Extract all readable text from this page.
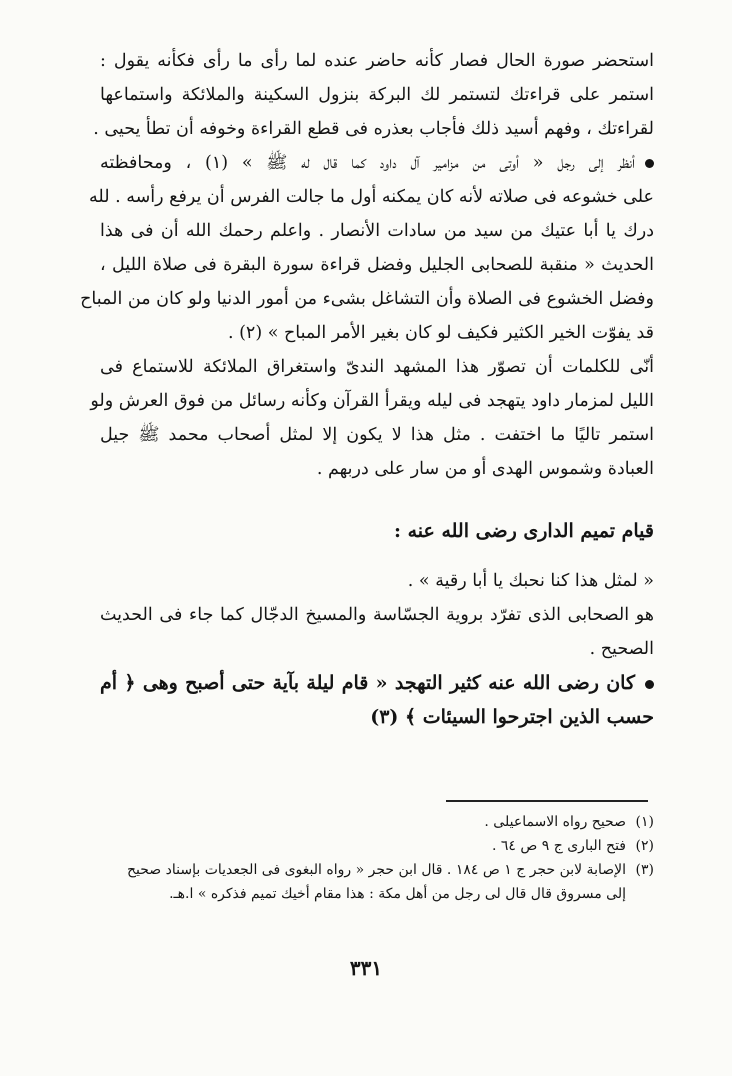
استحضر صورة الحال فصار كأنه حاضر عنده لما رأى ما رأى فكأنه يقول :
استمر على قراءتك لتستمر لك البركة بنزول السكينة والملائكة واستماعها
لقراءتك ، وفهم أسيد ذلك فأجاب بعذره فى قطع القراءة وخوفه أن تطأ يحيى .
أنظر إلى رجل « أوتى من مزامير آل داود كما قال له ﷺ » (١) ، ومحافظته
على خشوعه فى صلاته لأنه كان يمكنه أول ما جالت الفرس أن يرفع رأسه . لله
درك يا أبا عتيك من سيد من سادات الأنصار . واعلم رحمك الله أن فى هذا
الحديث « منقبة للصحابى الجليل وفضل قراءة سورة البقرة فى صلاة الليل ،
وفضل الخشوع فى الصلاة وأن التشاغل بشىء من أمور الدنيا ولو كان من المباح
قد يفوّت الخير الكثير فكيف لو كان بغير الأمر المباح » (٢) .
أنّى للكلمات أن تصوّر هذا المشهد الندىّ واستغراق الملائكة للاستماع فى
الليل لمزمار داود يتهجد فى ليله ويقرأ القرآن وكأنه رسائل من فوق العرش ولو
استمر تاليًا ما اختفت . مثل هذا لا يكون إلا لمثل أصحاب محمد ﷺ جيل
العبادة وشموس الهدى أو من سار على دربهم .
قيام تميم الدارى رضى الله عنه :
« لمثل هذا كنا نحبك يا أبا رقية » .
هو الصحابى الذى تفرّد بروية الجسّاسة والمسيخ الدجّال كما جاء فى الحديث
الصحيح .
كان رضى الله عنه كثير التهجد « قام ليلة بآية حتى أصبح وهى ﴿ أم
حسب الذين اجترحوا السيئات ﴾ (٣)
(١)صحيح رواه الاسماعيلى .
(٢)فتح البارى ج ٩ ص ٦٤ .
(٣)الإصابة لابن حجر ج ١ ص ١٨٤ . قال ابن حجر « رواه البغوى فى الجعديات بإسناد صحيح
إلى مسروق قال قال لى رجل من أهل مكة : هذا مقام أخيك تميم فذكره » ا.هـ.
٣٣١
